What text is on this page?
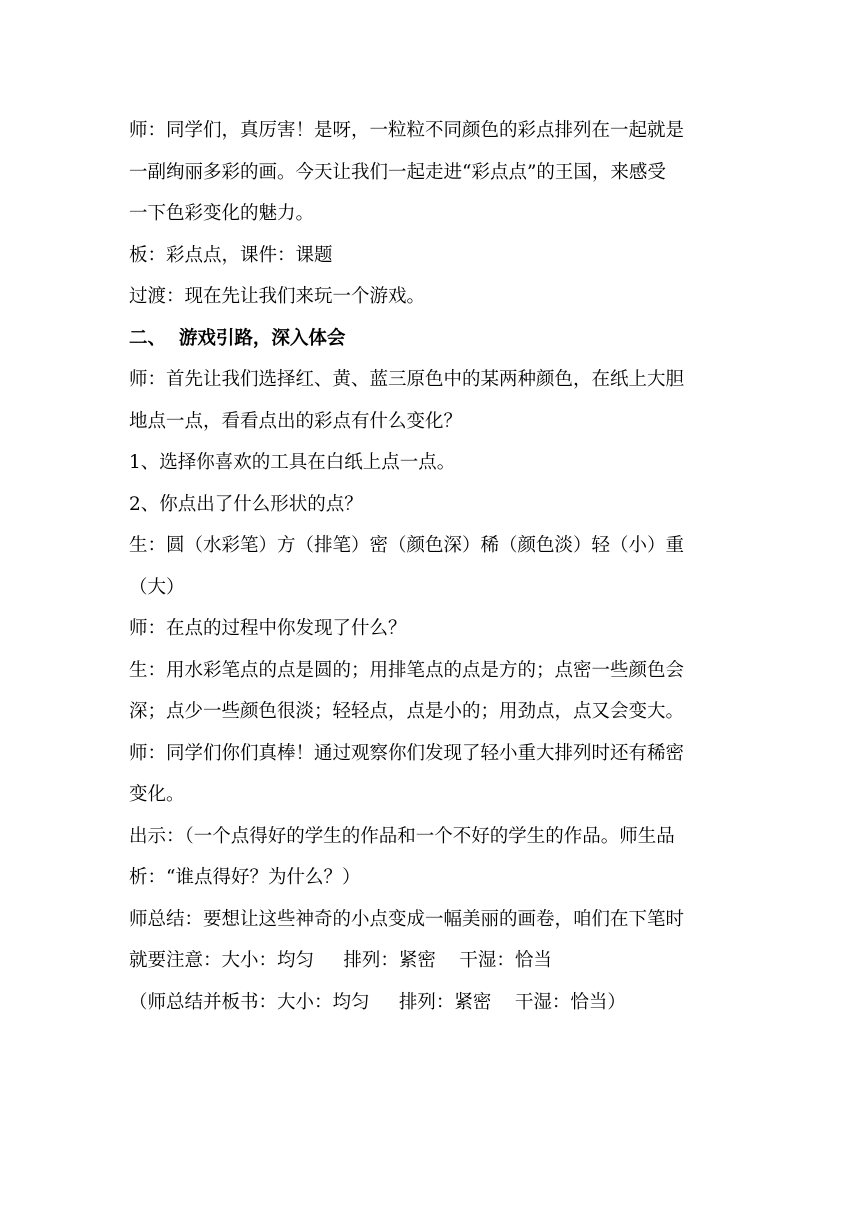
师：同学们，真厉害！是呀，一粒粒不同颜色的彩点排列在一起就是
一副绚丽多彩的画。今天让我们一起走进“彩点点”的王国，来感受
一下色彩变化的魅力。
板：彩点点，课件：课题
过渡：现在先让我们来玩一个游戏。
二、  游戏引路，深入体会
师：首先让我们选择红、黄、蓝三原色中的某两种颜色，在纸上大胆
地点一点，看看点出的彩点有什么变化？
1、选择你喜欢的工具在白纸上点一点。
2、你点出了什么形状的点？
生：圆（水彩笔）方（排笔）密（颜色深）稀（颜色淡）轻（小）重
（大）
师：在点的过程中你发现了什么？
生：用水彩笔点的点是圆的；用排笔点的点是方的；点密一些颜色会
深；点少一些颜色很淡；轻轻点，点是小的；用劲点，点又会变大。
师：同学们你们真棒！通过观察你们发现了轻小重大排列时还有稀密
变化。
出示：（一个点得好的学生的作品和一个不好的学生的作品。师生品
析：“谁点得好？为什么？）
师总结：要想让这些神奇的小点变成一幅美丽的画卷，咱们在下笔时
就要注意：大小：均匀     排列：紧密    干湿：恰当
（师总结并板书：大小：均匀     排列：紧密    干湿：恰当）
